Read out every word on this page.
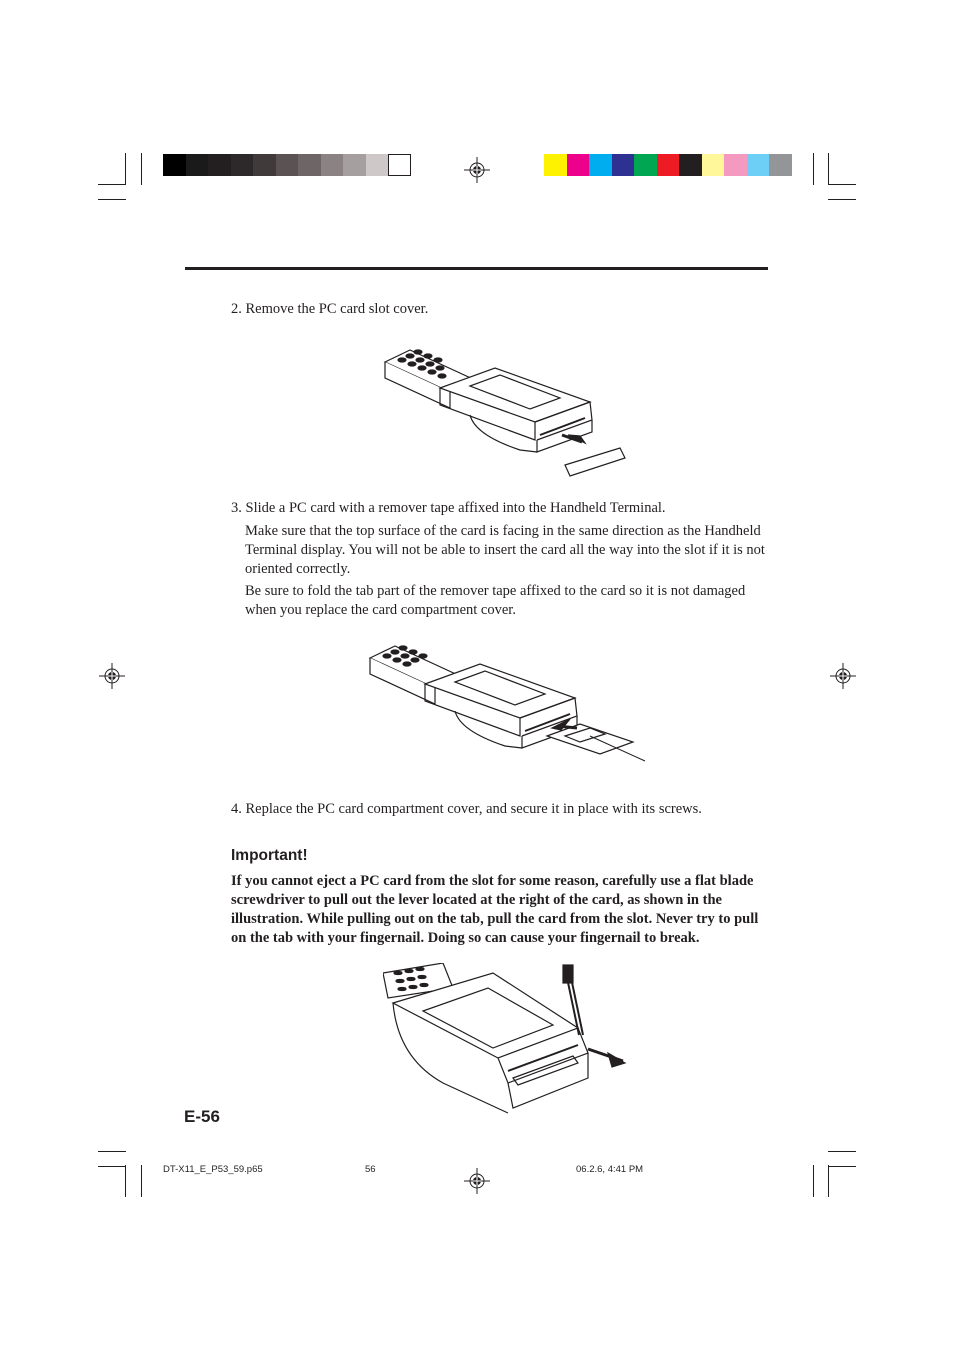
2. Remove the PC card slot cover.
3. Slide a PC card with a remover tape affixed into the Handheld Terminal.
Make sure that the top surface of the card is facing in the same direction as the Handheld Terminal display. You will not be able to insert the card all the way into the slot if it is not oriented correctly.
Be sure to fold the tab part of the remover tape affixed to the card so it is not damaged when you replace the card compartment cover.
4. Replace the PC card compartment cover, and secure it in place with its screws.
Important!
If you cannot eject a PC card from the slot for some reason, carefully use a flat blade screwdriver to pull out the lever located at the right of the card, as shown in the illustration. While pulling out on the tab, pull the card from the slot. Never try to pull on the tab with your fingernail. Doing so can cause your fingernail to break.
E-56
DT-X11_E_P53_59.p65	56	06.2.6, 4:41 PM
